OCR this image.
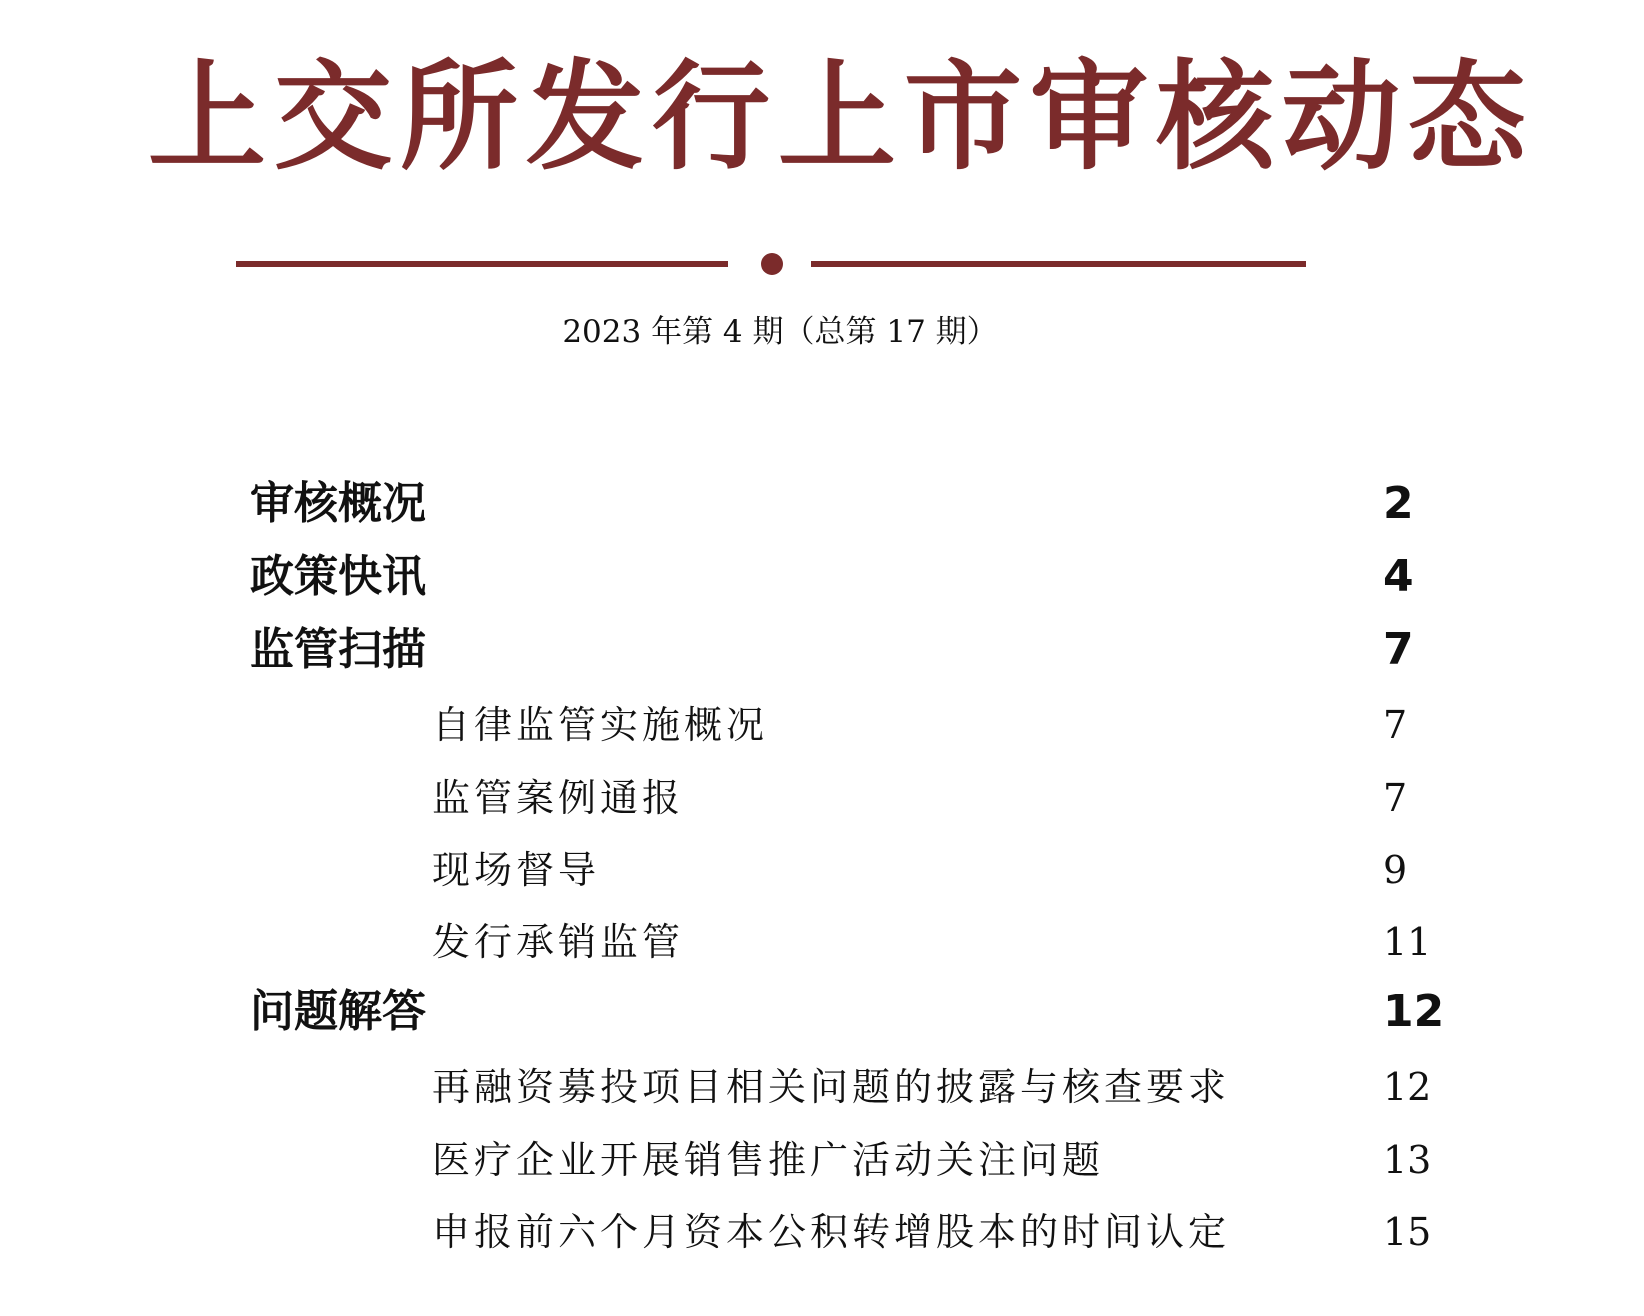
上交所发行上市审核动态
2023 年第 4 期（总第 17 期）
审核概况	2
政策快讯	4
监管扫描	7
自律监管实施概况	7
监管案例通报	7
现场督导	9
发行承销监管	11
问题解答	12
再融资募投项目相关问题的披露与核查要求	12
医疗企业开展销售推广活动关注问题	13
申报前六个月资本公积转增股本的时间认定	15
